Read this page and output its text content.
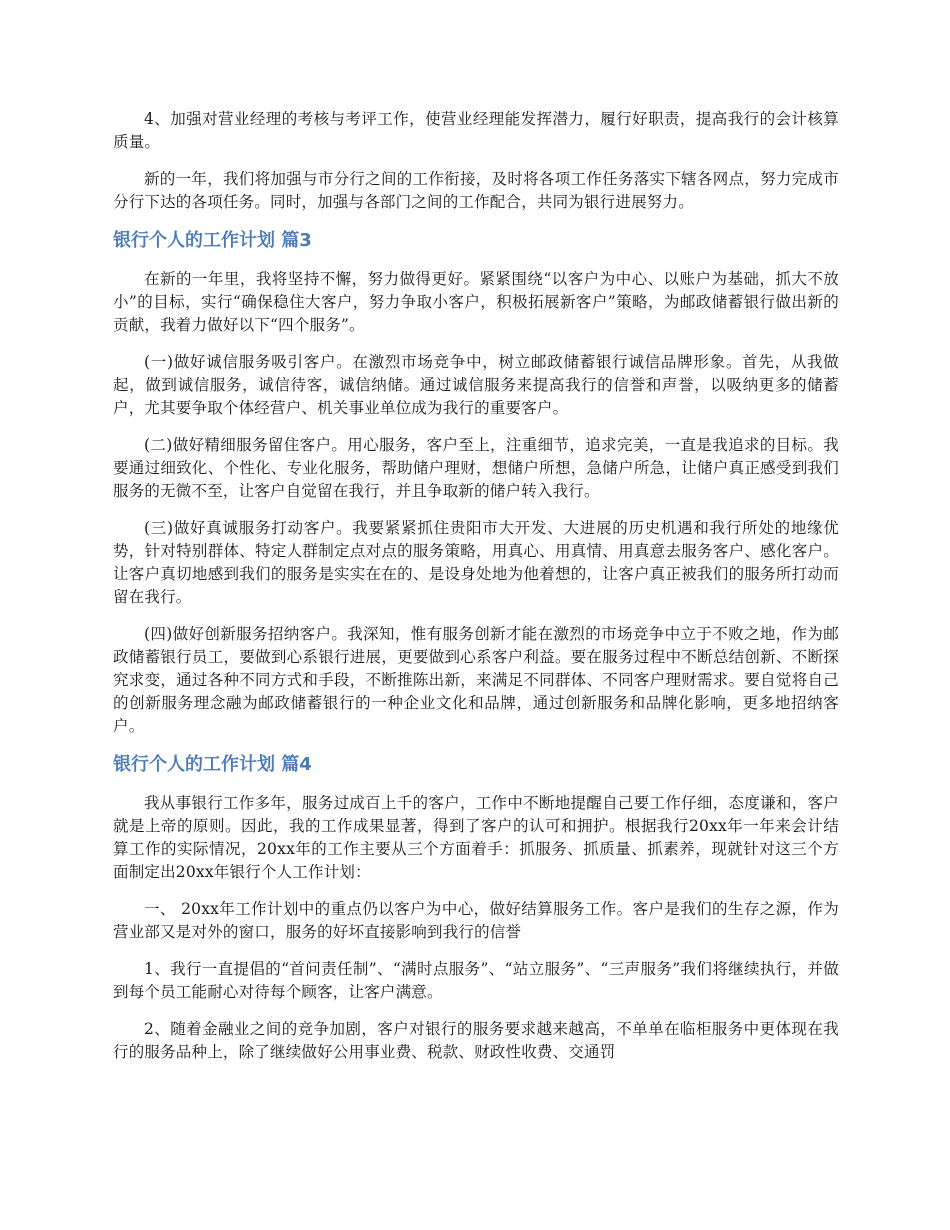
4、加强对营业经理的考核与考评工作，使营业经理能发挥潜力，履行好职责，提高我行的会计核算质量。

新的一年，我们将加强与市分行之间的工作衔接，及时将各项工作任务落实下辖各网点，努力完成市分行下达的各项任务。同时，加强与各部门之间的工作配合，共同为银行进展努力。

银行个人的工作计划 篇3

在新的一年里，我将坚持不懈，努力做得更好。紧紧围绕“以客户为中心、以账户为基础，抓大不放小”的目标，实行“确保稳住大客户，努力争取小客户，积极拓展新客户”策略，为邮政储蓄银行做出新的贡献，我着力做好以下“四个服务”。

(一)做好诚信服务吸引客户。在激烈市场竞争中，树立邮政储蓄银行诚信品牌形象。首先，从我做起，做到诚信服务，诚信待客，诚信纳储。通过诚信服务来提高我行的信誉和声誉，以吸纳更多的储蓄户，尤其要争取个体经营户、机关事业单位成为我行的重要客户。

(二)做好精细服务留住客户。用心服务，客户至上，注重细节，追求完美，一直是我追求的目标。我要通过细致化、个性化、专业化服务，帮助储户理财，想储户所想，急储户所急，让储户真正感受到我们服务的无微不至，让客户自觉留在我行，并且争取新的储户转入我行。

(三)做好真诚服务打动客户。我要紧紧抓住贵阳市大开发、大进展的历史机遇和我行所处的地缘优势，针对特别群体、特定人群制定点对点的服务策略，用真心、用真情、用真意去服务客户、感化客户。让客户真切地感到我们的服务是实实在在的、是设身处地为他着想的，让客户真正被我们的服务所打动而留在我行。

(四)做好创新服务招纳客户。我深知，惟有服务创新才能在激烈的市场竞争中立于不败之地，作为邮政储蓄银行员工，要做到心系银行进展，更要做到心系客户利益。要在服务过程中不断总结创新、不断探究求变，通过各种不同方式和手段，不断推陈出新，来满足不同群体、不同客户理财需求。要自觉将自己的创新服务理念融为邮政储蓄银行的一种企业文化和品牌，通过创新服务和品牌化影响，更多地招纳客户。

银行个人的工作计划 篇4

我从事银行工作多年，服务过成百上千的客户，工作中不断地提醒自己要工作仔细，态度谦和，客户就是上帝的原则。因此，我的工作成果显著，得到了客户的认可和拥护。根据我行20xx年一年来会计结算工作的实际情况，20xx年的工作主要从三个方面着手：抓服务、抓质量、抓素养，现就针对这三个方面制定出20xx年银行个人工作计划：

一、 20xx年工作计划中的重点仍以客户为中心，做好结算服务工作。客户是我们的生存之源，作为营业部又是对外的窗口，服务的好坏直接影响到我行的信誉

1、我行一直提倡的“首问责任制”、“满时点服务”、“站立服务”、“三声服务”我们将继续执行，并做到每个员工能耐心对待每个顾客，让客户满意。

2、随着金融业之间的竞争加剧，客户对银行的服务要求越来越高，不单单在临柜服务中更体现在我行的服务品种上，除了继续做好公用事业费、税款、财政性收费、交通罚
